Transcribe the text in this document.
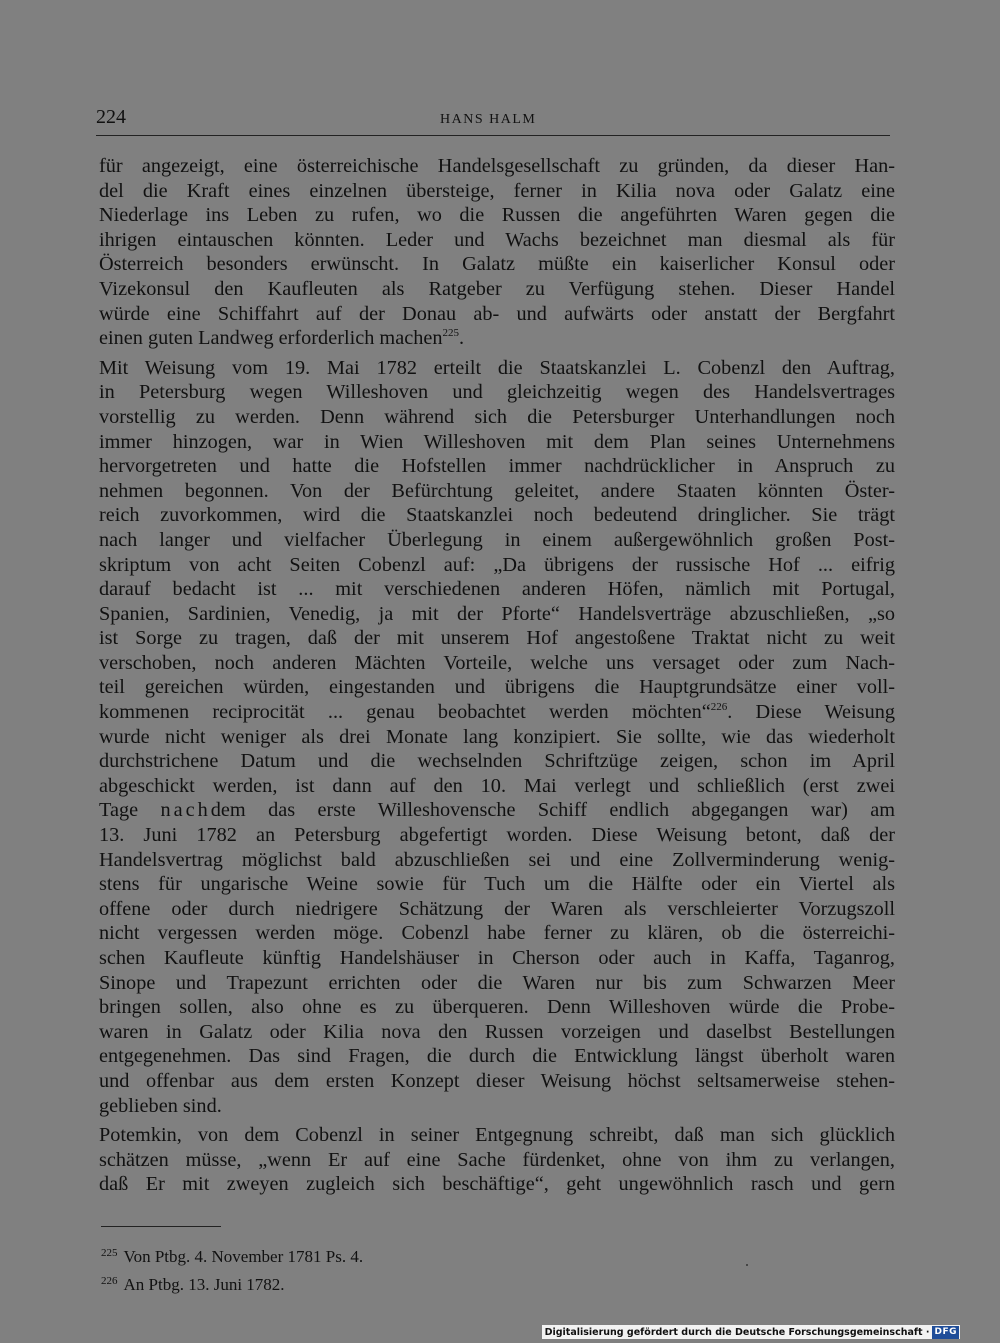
224	HANS HALM
für angezeigt, eine österreichische Handelsgesellschaft zu gründen, da dieser Han-
del die Kraft eines einzelnen übersteige, ferner in Kilia nova oder Galatz eine
Niederlage ins Leben zu rufen, wo die Russen die angeführten Waren gegen die
ihrigen eintauschen könnten. Leder und Wachs bezeichnet man diesmal als für
Österreich besonders erwünscht. In Galatz müßte ein kaiserlicher Konsul oder
Vizekonsul den Kaufleuten als Ratgeber zu Verfügung stehen. Dieser Handel
würde eine Schiffahrt auf der Donau ab- und aufwärts oder anstatt der Bergfahrt
einen guten Landweg erforderlich machen$^{225}$.
Mit Weisung vom 19. Mai 1782 erteilt die Staatskanzlei L. Cobenzl den Auftrag,
in Petersburg wegen Willeshoven und gleichzeitig wegen des Handelsvertrages
vorstellig zu werden. Denn während sich die Petersburger Unterhandlungen noch
immer hinzogen, war in Wien Willeshoven mit dem Plan seines Unternehmens
hervorgetreten und hatte die Hofstellen immer nachdrücklicher in Anspruch zu
nehmen begonnen. Von der Befürchtung geleitet, andere Staaten könnten Öster-
reich zuvorkommen, wird die Staatskanzlei noch bedeutend dringlicher. Sie trägt
nach langer und vielfacher Überlegung in einem außergewöhnlich großen Post-
skriptum von acht Seiten Cobenzl auf: „Da übrigens der russische Hof ... eifrig
darauf bedacht ist ... mit verschiedenen anderen Höfen, nämlich mit Portugal,
Spanien, Sardinien, Venedig, ja mit der Pforte“ Handelsverträge abzuschließen, „so
ist Sorge zu tragen, daß der mit unserem Hof angestoßene Traktat nicht zu weit
verschoben, noch anderen Mächten Vorteile, welche uns versaget oder zum Nach-
teil gereichen würden, eingestanden und übrigens die Hauptgrundsätze einer voll-
kommenen reciprocität ... genau beobachtet werden möchten“$^{226}$. Diese Weisung
wurde nicht weniger als drei Monate lang konzipiert. Sie sollte, wie das wiederholt
durchstrichene Datum und die wechselnden Schriftzüge zeigen, schon im April
abgeschickt werden, ist dann auf den 10. Mai verlegt und schließlich (erst zwei
Tage nachdem das erste Willeshovensche Schiff endlich abgegangen war) am
13. Juni 1782 an Petersburg abgefertigt worden. Diese Weisung betont, daß der
Handelsvertrag möglichst bald abzuschließen sei und eine Zollverminderung wenig-
stens für ungarische Weine sowie für Tuch um die Hälfte oder ein Viertel als
offene oder durch niedrigere Schätzung der Waren als verschleierter Vorzugszoll
nicht vergessen werden möge. Cobenzl habe ferner zu klären, ob die österreichi-
schen Kaufleute künftig Handelshäuser in Cherson oder auch in Kaffa, Taganrog,
Sinope und Trapezunt errichten oder die Waren nur bis zum Schwarzen Meer
bringen sollen, also ohne es zu überqueren. Denn Willeshoven würde die Probe-
waren in Galatz oder Kilia nova den Russen vorzeigen und daselbst Bestellungen
entgegenehmen. Das sind Fragen, die durch die Entwicklung längst überholt waren
und offenbar aus dem ersten Konzept dieser Weisung höchst seltsamerweise stehen-
geblieben sind.
Potemkin, von dem Cobenzl in seiner Entgegnung schreibt, daß man sich glücklich
schätzen müsse, „wenn Er auf eine Sache fürdenket, ohne von ihm zu verlangen,
daß Er mit zweyen zugleich sich beschäftige“, geht ungewöhnlich rasch und gern
$^{225}$ Von Ptbg. 4. November 1781 Ps. 4.
$^{226}$ An Ptbg. 13. Juni 1782.
Digitalisierung gefördert durch die Deutsche Forschungsgemeinschaft · DFG
